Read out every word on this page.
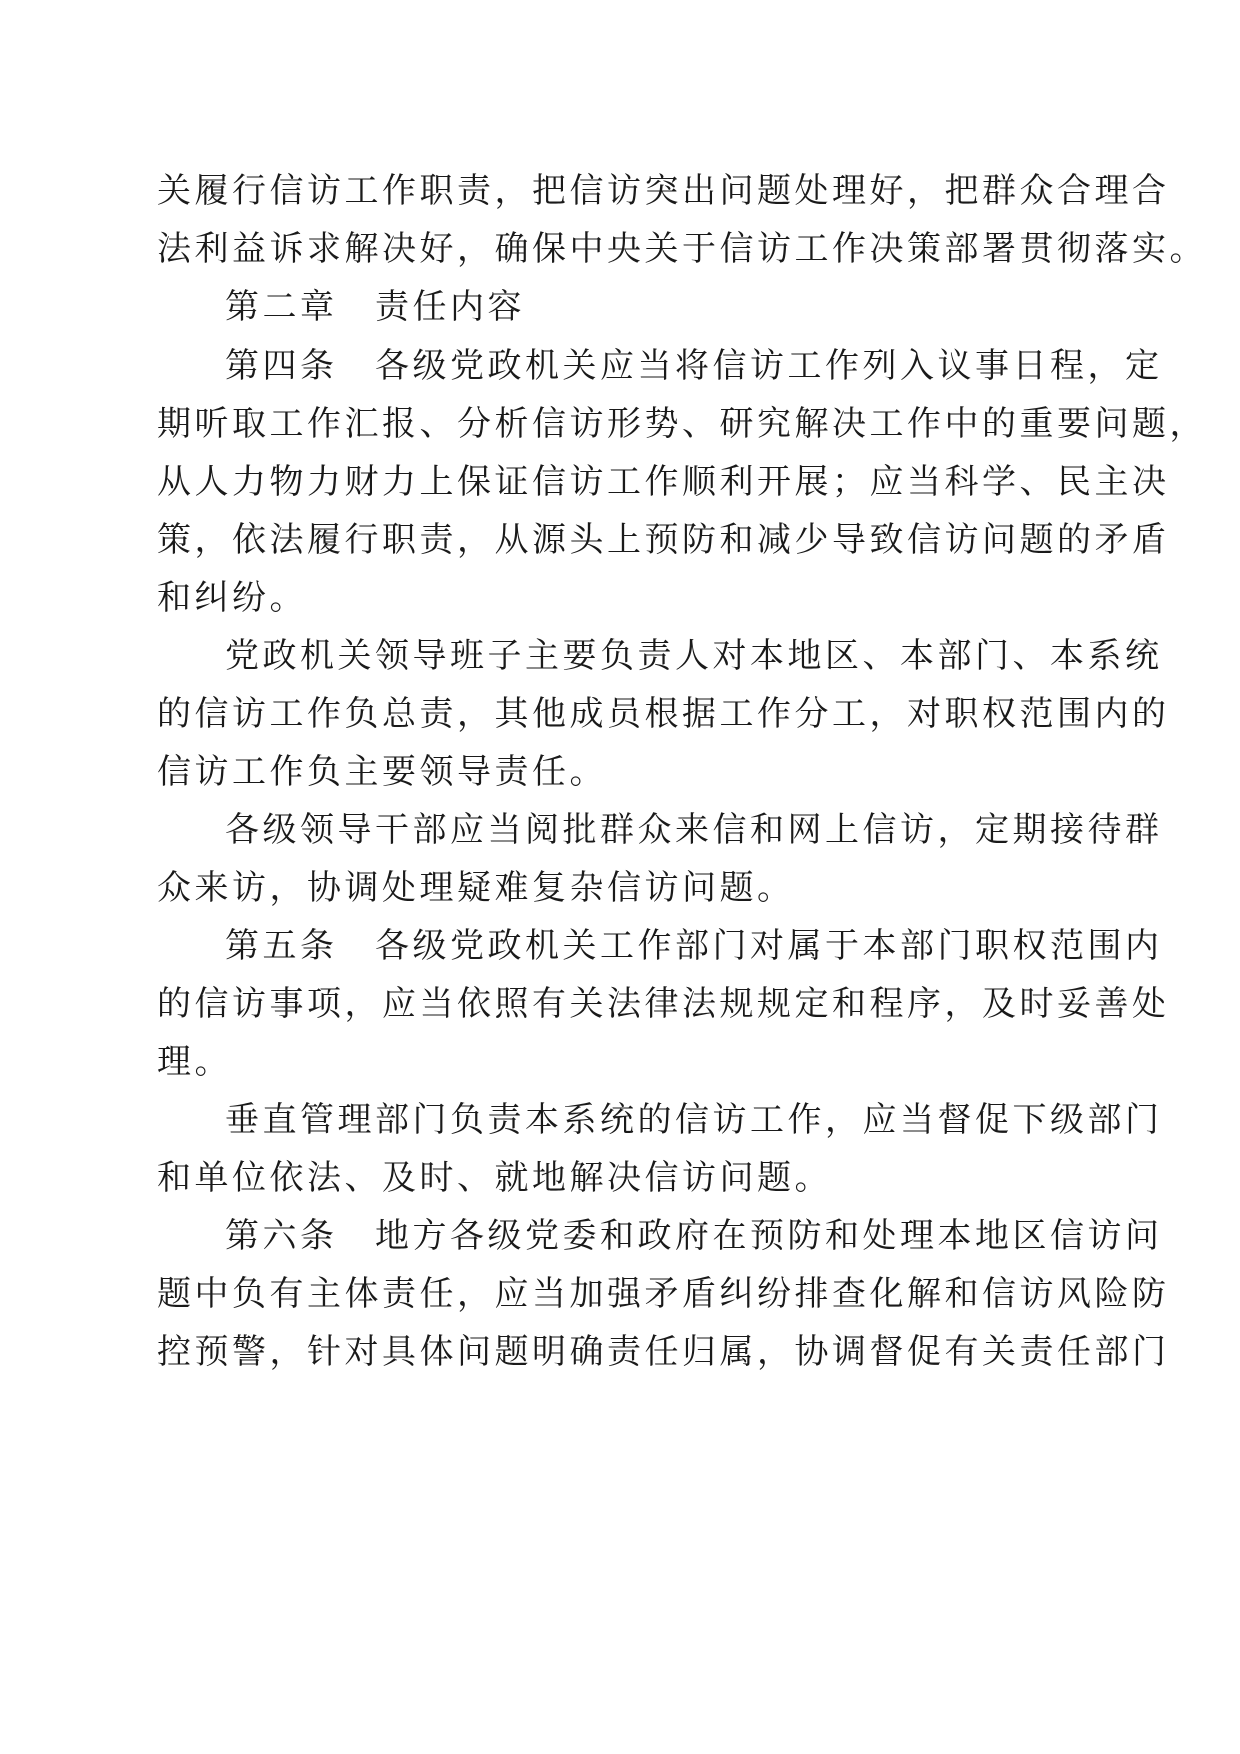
关履行信访工作职责，把信访突出问题处理好，把群众合理合
法利益诉求解决好，确保中央关于信访工作决策部署贯彻落实。
第二章　责任内容
第四条　各级党政机关应当将信访工作列入议事日程，定
期听取工作汇报、分析信访形势、研究解决工作中的重要问题，
从人力物力财力上保证信访工作顺利开展；应当科学、民主决
策，依法履行职责，从源头上预防和减少导致信访问题的矛盾
和纠纷。
党政机关领导班子主要负责人对本地区、本部门、本系统
的信访工作负总责，其他成员根据工作分工，对职权范围内的
信访工作负主要领导责任。
各级领导干部应当阅批群众来信和网上信访，定期接待群
众来访，协调处理疑难复杂信访问题。
第五条　各级党政机关工作部门对属于本部门职权范围内
的信访事项，应当依照有关法律法规规定和程序，及时妥善处
理。
垂直管理部门负责本系统的信访工作，应当督促下级部门
和单位依法、及时、就地解决信访问题。
第六条　地方各级党委和政府在预防和处理本地区信访问
题中负有主体责任，应当加强矛盾纠纷排查化解和信访风险防
控预警，针对具体问题明确责任归属，协调督促有关责任部门
